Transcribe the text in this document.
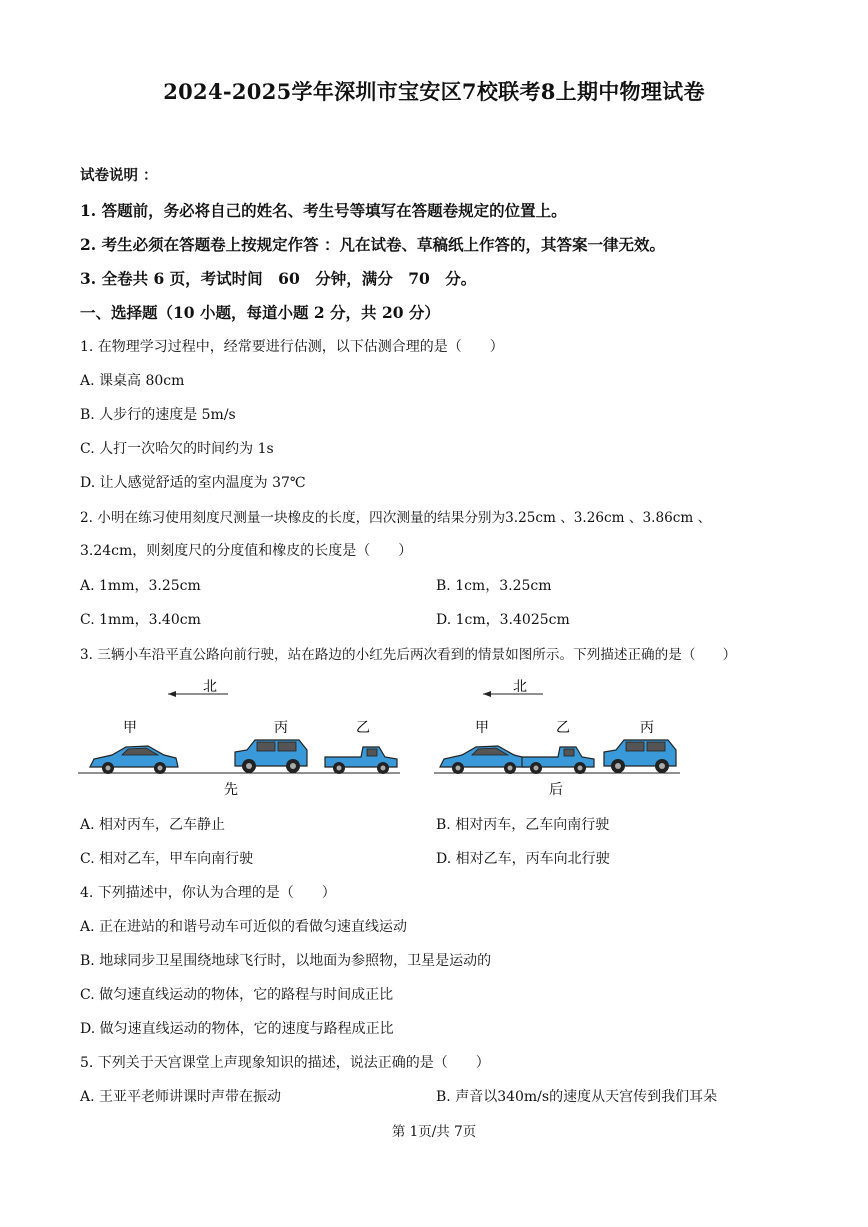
2024-2025学年深圳市宝安区7校联考8上期中物理试卷
试卷说明 ：
1. 答题前，务必将自己的姓名、考生号等填写在答题卷规定的位置上。
2. 考生必须在答题卷上按规定作答 ：凡在试卷、草稿纸上作答的，其答案一律无效。
3. 全卷共 6 页，考试时间　60　分钟，满分　70　分。
一、选择题（10 小题，每道小题 2 分，共 20 分）
1. 在物理学习过程中，经常要进行估测，以下估测合理的是（　　）
A. 课桌高 80cm
B. 人步行的速度是 5m/s
C. 人打一次哈欠的时间约为 1s
D. 让人感觉舒适的室内温度为 37℃
2. 小明在练习使用刻度尺测量一块橡皮的长度，四次测量的结果分别为3.25cm 、3.26cm 、3.86cm 、
3.24cm，则刻度尺的分度值和橡皮的长度是（　　）
A. 1mm，3.25cm	B. 1cm，3.25cm
C. 1mm，3.40cm	D. 1cm，3.4025cm
3. 三辆小车沿平直公路向前行驶，站在路边的小红先后两次看到的情景如图所示。下列描述正确的是（　　）
北
甲	丙	乙
先
北
甲	乙	丙
后
A. 相对丙车，乙车静止	B. 相对丙车，乙车向南行驶
C. 相对乙车，甲车向南行驶	D. 相对乙车，丙车向北行驶
4. 下列描述中，你认为合理的是（　　）
A. 正在进站的和谐号动车可近似的看做匀速直线运动
B. 地球同步卫星围绕地球飞行时，以地面为参照物，卫星是运动的
C. 做匀速直线运动的物体，它的路程与时间成正比
D. 做匀速直线运动的物体，它的速度与路程成正比
5. 下列关于天宫课堂上声现象知识的描述，说法正确的是（　　）
A. 王亚平老师讲课时声带在振动	B. 声音以340m/s的速度从天宫传到我们耳朵
第 1页/共 7页
